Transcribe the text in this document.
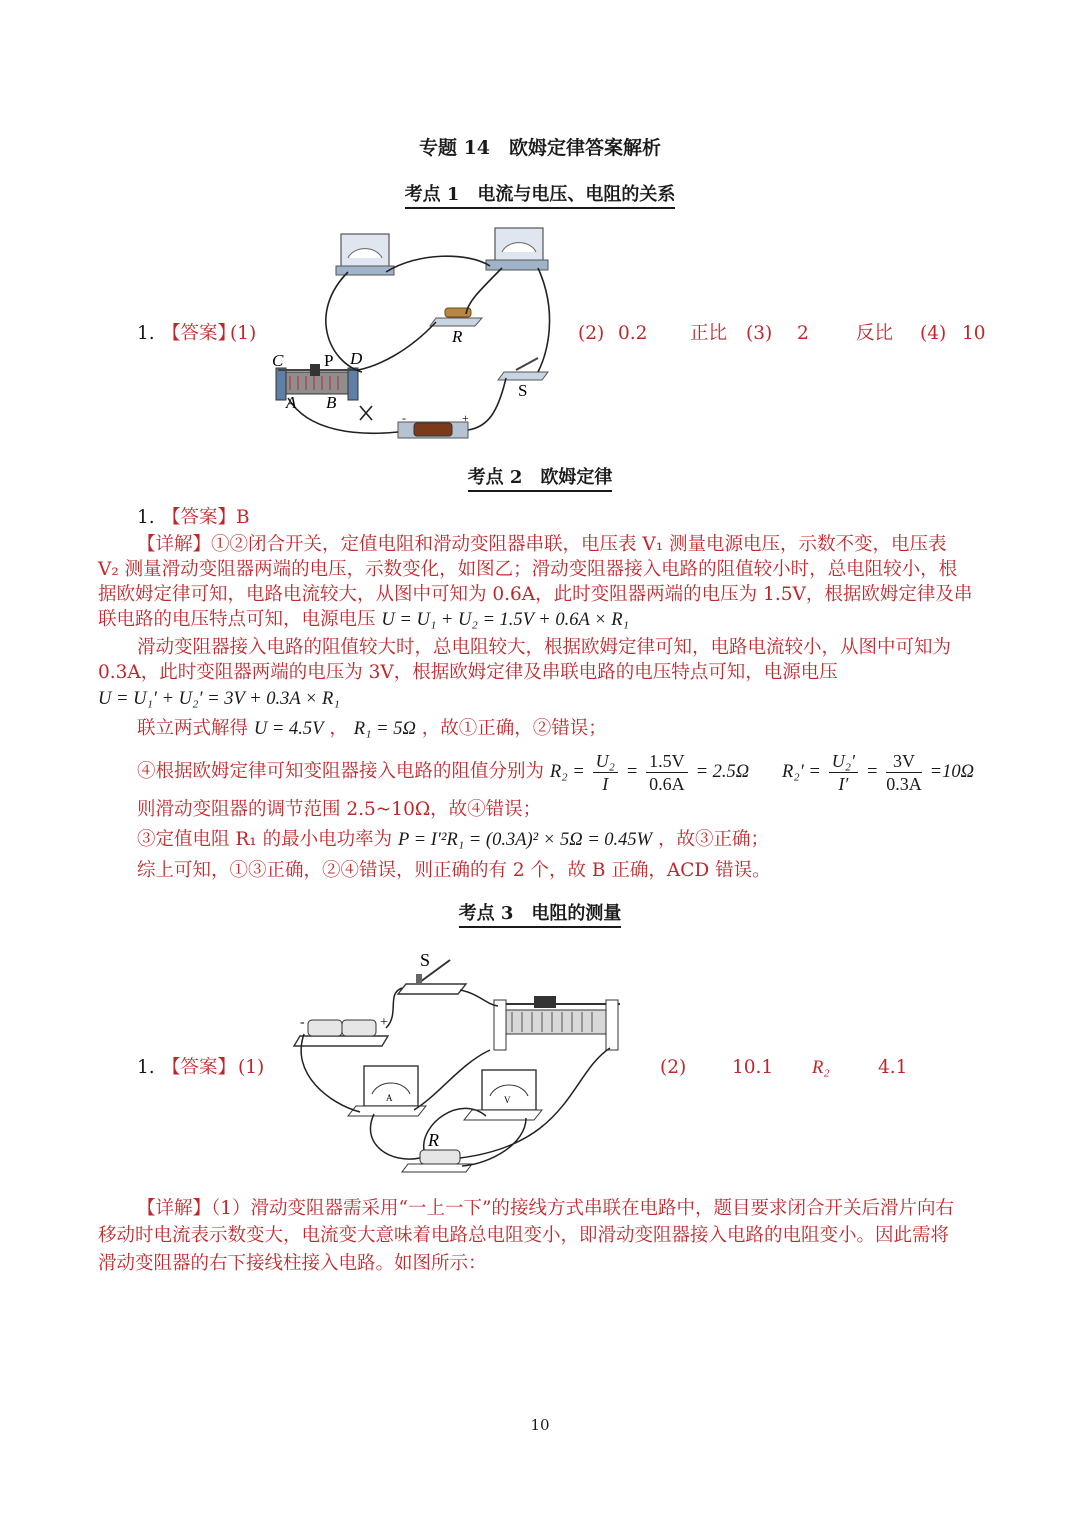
专题 14　欧姆定律答案解析
考点 1　电流与电压、电阻的关系
1. 【答案】
(1)
C P D
A B
R
S
-	+
(2) 0.2 正比 (3) 2	反比 (4) 10
考点 2　欧姆定律
1. 【答案】B
【详解】①②闭合开关，定值电阻和滑动变阻器串联，电压表 V₁ 测量电源电压，示数不变，电压表
V₂ 测量滑动变阻器两端的电压，示数变化，如图乙；滑动变阻器接入电路的阻值较小时，总电阻较小，根
据欧姆定律可知，电路电流较大，从图中可知为 0.6A，此时变阻器两端的电压为 1.5V，根据欧姆定律及串
联电路的电压特点可知，电源电压 U = U₁ + U₂ = 1.5V + 0.6A × R₁
滑动变阻器接入电路的阻值较大时，总电阻较大，根据欧姆定律可知，电路电流较小，从图中可知为
0.3A，此时变阻器两端的电压为 3V，根据欧姆定律及串联电路的电压特点可知，电源电压
U = U₁′ + U₂′ = 3V + 0.3A × R₁
联立两式解得 U = 4.5V ， R₁ = 5Ω ，故①正确，②错误；
④根据欧姆定律可知变阻器接入电路的阻值分别为 $R_2 = \frac{\text{U₂}}{I} = \frac{1.5V}{0.6A} = 2.5\Omega$ $R_2' = \frac{\text{U₂′}}{I'} = \frac{3V}{0.3A} =10\Omega$
则滑动变阻器的调节范围 2.5~10Ω，故④错误；
③定值电阻 R₁ 的最小电功率为 P = I′²R₁ = (0.3A)² × 5Ω = 0.45W ，故③正确；
综上可知，①③正确，②④错误，则正确的有 2 个，故 B 正确，ACD 错误。
考点 3　电阻的测量
1. 【答案】 (1)
A	V
S
R
-	+
(2) 10.1 R₂	4.1
【详解】（1）滑动变阻器需采用“一上一下”的接线方式串联在电路中，题目要求闭合开关后滑片向右
移动时电流表示数变大，电流变大意味着电路总电阻变小，即滑动变阻器接入电路的电阻变小。因此需将
滑动变阻器的右下接线柱接入电路。如图所示：
10
